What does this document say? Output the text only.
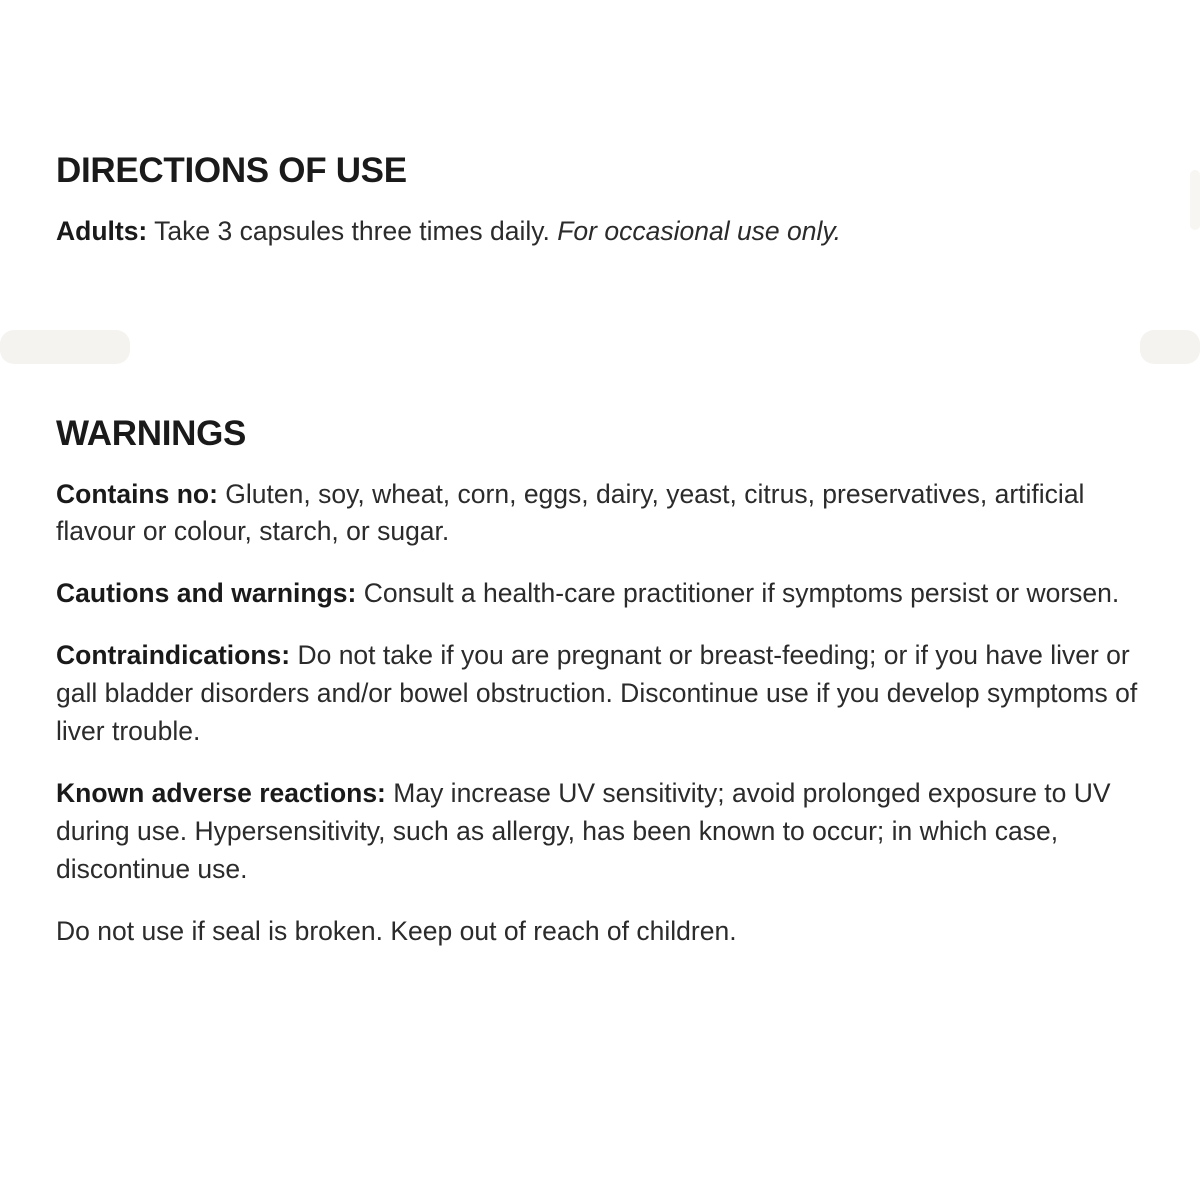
DIRECTIONS OF USE

Adults: Take 3 capsules three times daily. For occasional use only.

WARNINGS

Contains no: Gluten, soy, wheat, corn, eggs, dairy, yeast, citrus, preservatives, artificial flavour or colour, starch, or sugar.

Cautions and warnings: Consult a health-care practitioner if symptoms persist or worsen.

Contraindications: Do not take if you are pregnant or breast-feeding; or if you have liver or gall bladder disorders and/or bowel obstruction. Discontinue use if you develop symptoms of liver trouble.

Known adverse reactions: May increase UV sensitivity; avoid prolonged exposure to UV during use. Hypersensitivity, such as allergy, has been known to occur; in which case, discontinue use.

Do not use if seal is broken. Keep out of reach of children.
